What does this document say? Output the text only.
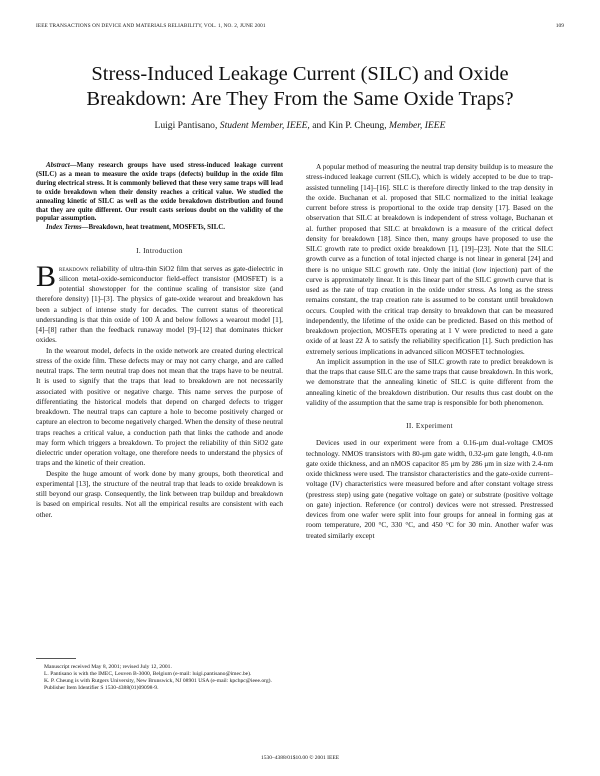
IEEE TRANSACTIONS ON DEVICE AND MATERIALS RELIABILITY, VOL. 1, NO. 2, JUNE 2001	109
Stress-Induced Leakage Current (SILC) and Oxide
Breakdown: Are They From the Same Oxide Traps?
Luigi Pantisano, Student Member, IEEE, and Kin P. Cheung, Member, IEEE

Abstract—Many research groups have used stress-induced leakage current (SILC) as a mean to measure the oxide traps (defects) buildup in the oxide film during electrical stress. It is commonly believed that these very same traps will lead to oxide breakdown when their density reaches a critical value. We studied the annealing kinetic of SILC as well as the oxide breakdown distribution and found that they are quite different. Our result casts serious doubt on the validity of the popular assumption.

Index Terms—Breakdown, heat treatment, MOSFETs, SILC.

I. Introduction

Breakdown reliability of ultra-thin SiO2 film that serves as gate-dielectric in silicon metal-oxide-semiconductor field-effect transistor (MOSFET) is a potential showstopper for the continue scaling of transistor size (and therefore density) [1]–[3]. The physics of gate-oxide wearout and breakdown has been a subject of intense study for decades. The current status of theoretical understanding is that thin oxide of 100 Å and below follows a wearout model [1], [4]–[8] rather than the feedback runaway model [9]–[12] that dominates thicker oxides.

In the wearout model, defects in the oxide network are created during electrical stress of the oxide film. These defects may or may not carry charge, and are called neutral traps. The term neutral trap does not mean that the traps have to be neutral. It is used to signify that the traps that lead to breakdown are not necessarily associated with positive or negative charge. This name serves the purpose of differentiating the historical models that depend on charged defects to trigger breakdown. The neutral traps can capture a hole to become positively charged or capture an electron to become negatively charged. When the density of these neutral traps reaches a critical value, a conduction path that links the cathode and anode may form which triggers a breakdown. To project the reliability of thin SiO2 gate dielectric under operation voltage, one therefore needs to understand the physics of traps and the kinetic of their creation.

Despite the huge amount of work done by many groups, both theoretical and experimental [13], the structure of the neutral trap that leads to oxide breakdown is still beyond our grasp. Consequently, the link between trap buildup and breakdown is based on empirical results. Not all the empirical results are consistent with each other.

Manuscript received May 8, 2001; revised July 12, 2001.

L. Pantisano is with the IMEC, Leuven B-3000, Belgium (e-mail: luigi.pantisano@imec.be).

K. P. Cheung is with Rutgers University, New Brunswick, NJ 08901 USA (e-mail: kpchpc@ieee.org).

Publisher Item Identifier S 1530-4388(01)09098-9.

A popular method of measuring the neutral trap density buildup is to measure the stress-induced leakage current (SILC), which is widely accepted to be due to trap-assisted tunneling [14]–[16]. SILC is therefore directly linked to the trap density in the oxide. Buchanan et al. proposed that SILC normalized to the initial leakage current before stress is proportional to the oxide trap density [17]. Based on the observation that SILC at breakdown is independent of stress voltage, Buchanan et al. further proposed that SILC at breakdown is a measure of the critical defect density for breakdown [18]. Since then, many groups have proposed to use the SILC growth rate to predict oxide breakdown [1], [19]–[23]. Note that the SILC growth curve as a function of total injected charge is not linear in general [24] and there is no unique SILC growth rate. Only the initial (low injection) part of the curve is approximately linear. It is this linear part of the SILC growth curve that is used as the rate of trap creation in the oxide under stress. As long as the stress remains constant, the trap creation rate is assumed to be constant until breakdown occurs. Coupled with the critical trap density to breakdown that can be measured independently, the lifetime of the oxide can be predicted. Based on this method of breakdown projection, MOSFETs operating at 1 V were predicted to need a gate oxide of at least 22 Å to satisfy the reliability specification [1]. Such prediction has extremely serious implications in advanced silicon MOSFET technologies.

An implicit assumption in the use of SILC growth rate to predict breakdown is that the traps that cause SILC are the same traps that cause breakdown. In this work, we demonstrate that the annealing kinetic of SILC is quite different from the annealing kinetic of the breakdown distribution. Our results thus cast doubt on the validity of the assumption that the same trap is responsible for both phenomenon.

II. Experiment

Devices used in our experiment were from a 0.16-μm dual-voltage CMOS technology. NMOS transistors with 80-μm gate width, 0.32-μm gate length, 4.0-nm gate oxide thickness, and an nMOS capacitor 85 μm by 286 μm in size with 2.4-nm oxide thickness were used. The transistor characteristics and the gate-oxide current–voltage (IV) characteristics were measured before and after constant voltage stress (prestress step) using gate (negative voltage on gate) or substrate (positive voltage on gate) injection. Reference (or control) devices were not stressed. Prestressed devices from one wafer were split into four groups for anneal in forming gas at room temperature, 200 °C, 330 °C, and 450 °C for 30 min. Another wafer was treated similarly except

1530–4388/01$10.00 © 2001 IEEE
